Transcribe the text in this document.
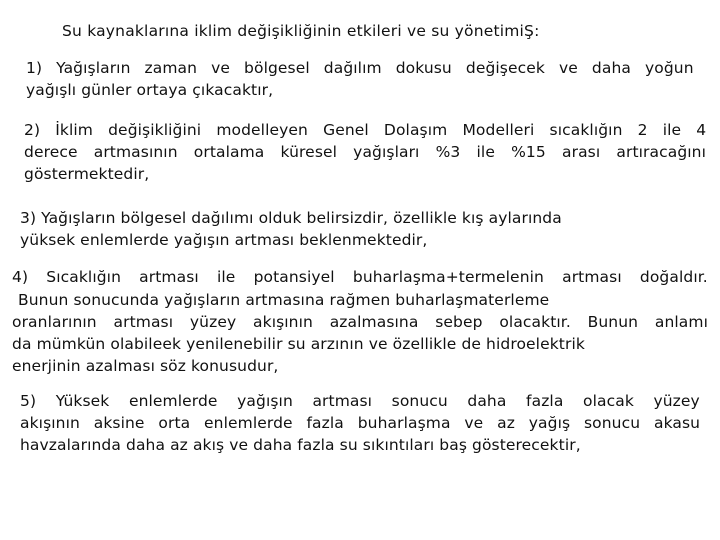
Su kaynaklarına iklim değişikliğinin etkileri ve su yönetimiŞ:
1) Yağışların zaman ve bölgesel dağılım dokusu değişecek ve daha yoğun
yağışlı günler ortaya çıkacaktır,
2) İklim değişikliğini modelleyen Genel Dolaşım Modelleri sıcaklığın 2 ile 4
derece artmasının ortalama küresel yağışları %3 ile %15 arası artıracağını
göstermektedir,
3) Yağışların bölgesel dağılımı olduk belirsizdir, özellikle kış aylarında
yüksek enlemlerde yağışın artması beklenmektedir,
4) Sıcaklığın artması ile potansiyel buharlaşma+termelenin artması doğaldır.
Bunun sonucunda yağışların artmasına rağmen buharlaşmaterleme
oranlarının artması yüzey akışının azalmasına sebep olacaktır. Bunun anlamı
da mümkün olabileek yenilenebilir su arzının ve özellikle de hidroelektrik
enerjinin azalması söz konusudur,
5) Yüksek enlemlerde yağışın artması sonucu daha fazla olacak yüzey
akışının aksine orta enlemlerde fazla buharlaşma ve az yağış sonucu akasu
havzalarında daha az akış ve daha fazla su sıkıntıları baş gösterecektir,
